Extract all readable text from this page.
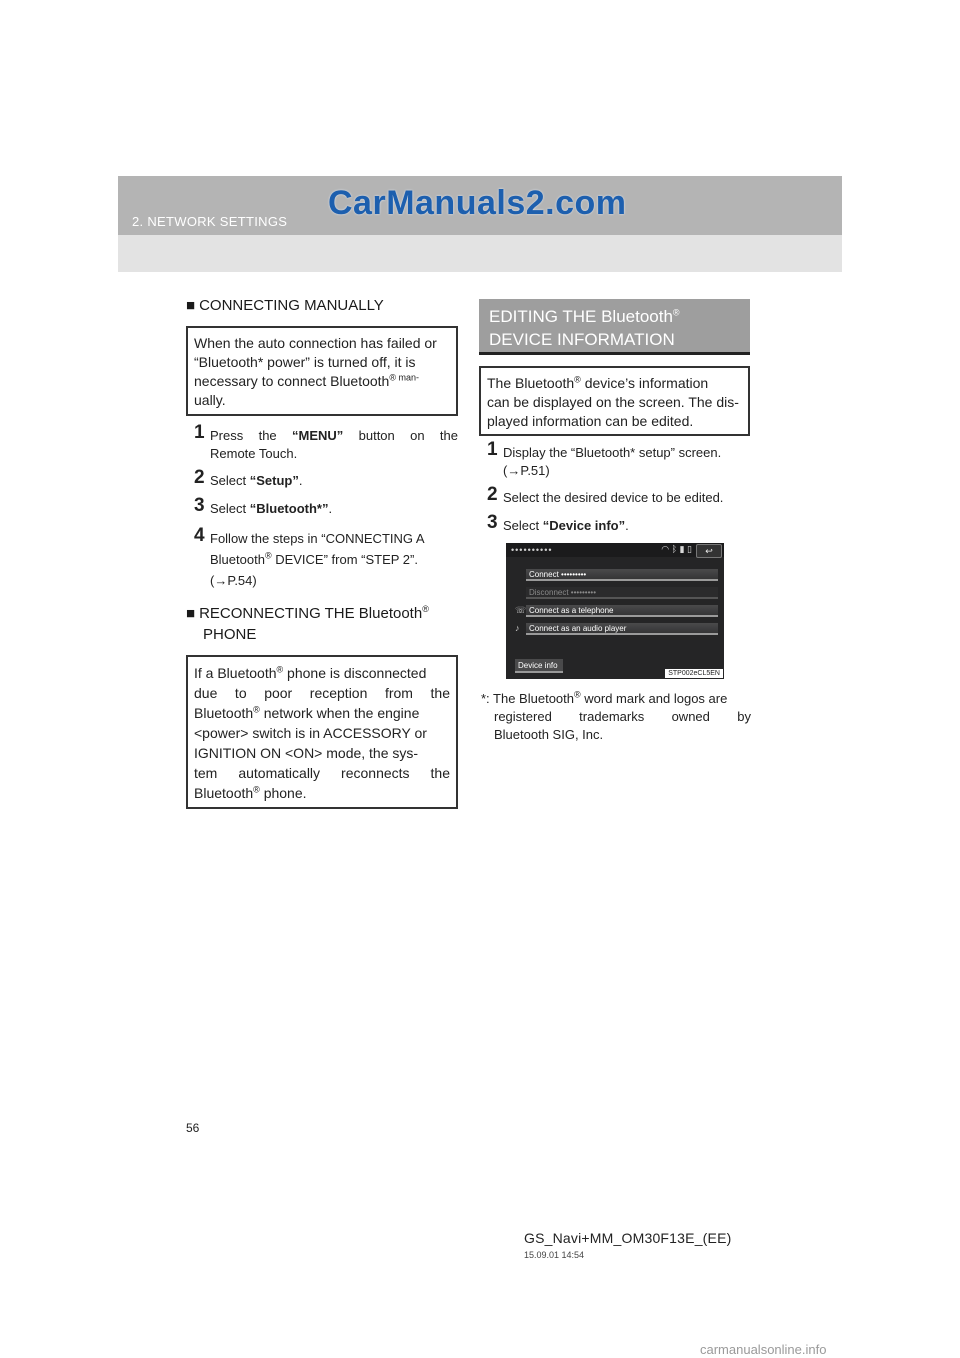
2. NETWORK SETTINGS CarManuals2.com
■ CONNECTING MANUALLY
When the auto connection has failed or
“Bluetooth* power” is turned off, it is
necessary to connect Bluetooth$^{® man-}$
ually.
1 Press the “MENU” button on the
Remote Touch.
2 Select “Setup”.
3 Select “Bluetooth*”.
4 Follow the steps in “CONNECTING A
Bluetooth® DEVICE” from “STEP 2”.
(→P.54)
■ RECONNECTING THE Bluetooth®
PHONE
If a Bluetooth® phone is disconnected
due to poor reception from the
Bluetooth® network when the engine
<power> switch is in ACCESSORY or
IGNITION ON <ON> mode, the sys-
tem automatically reconnects the
Bluetooth® phone.
EDITING THE Bluetooth®
DEVICE INFORMATION
The Bluetooth® device’s information
can be displayed on the screen. The dis-
played information can be edited.
1 Display the “Bluetooth* setup” screen.
(→P.51)
2 Select the desired device to be edited.
3 Select “Device info”.
••••••••••	◠ ᛒ ▮ ▯	↩
Connect •••••••••
Disconnect •••••••••
☏ Connect as a telephone
♪	Connect as an audio player
Device info
STP002eCL5EN
*: The Bluetooth® word mark and logos are
registered trademarks owned by
Bluetooth SIG, Inc.
56
GS_Navi+MM_OM30F13E_(EE)
15.09.01 14:54
carmanualsonline.info
